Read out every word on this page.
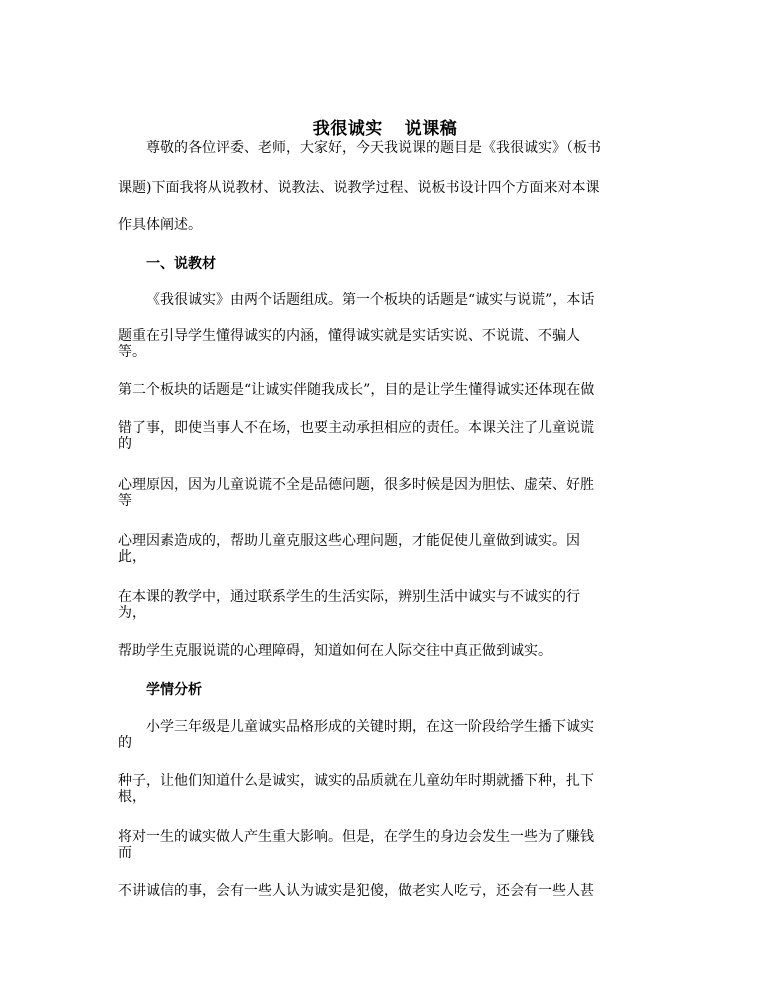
我很诚实 说课稿
尊敬的各位评委、老师，大家好，今天我说课的题目是《我很诚实》（板书
课题)下面我将从说教材、说教法、说教学过程、说板书设计四个方面来对本课
作具体阐述。
一、说教材
《我很诚实》由两个话题组成。第一个板块的话题是“诚实与说谎”，本话
题重在引导学生懂得诚实的内涵，懂得诚实就是实话实说、不说谎、不骗人
等。
第二个板块的话题是“让诚实伴随我成长”，目的是让学生懂得诚实还体现在做
错了事，即使当事人不在场，也要主动承担相应的责任。本课关注了儿童说谎
的
心理原因，因为儿童说谎不全是品德问题，很多时候是因为胆怯、虚荣、好胜
等
心理因素造成的，帮助儿童克服这些心理问题，才能促使儿童做到诚实。因
此，
在本课的教学中，通过联系学生的生活实际，辨别生活中诚实与不诚实的行
为，
帮助学生克服说谎的心理障碍，知道如何在人际交往中真正做到诚实。
学情分析
小学三年级是儿童诚实品格形成的关键时期，在这一阶段给学生播下诚实
的
种子，让他们知道什么是诚实，诚实的品质就在儿童幼年时期就播下种，扎下
根，
将对一生的诚实做人产生重大影响。但是，在学生的身边会发生一些为了赚钱
而
不讲诚信的事，会有一些人认为诚实是犯傻，做老实人吃亏，还会有一些人甚
